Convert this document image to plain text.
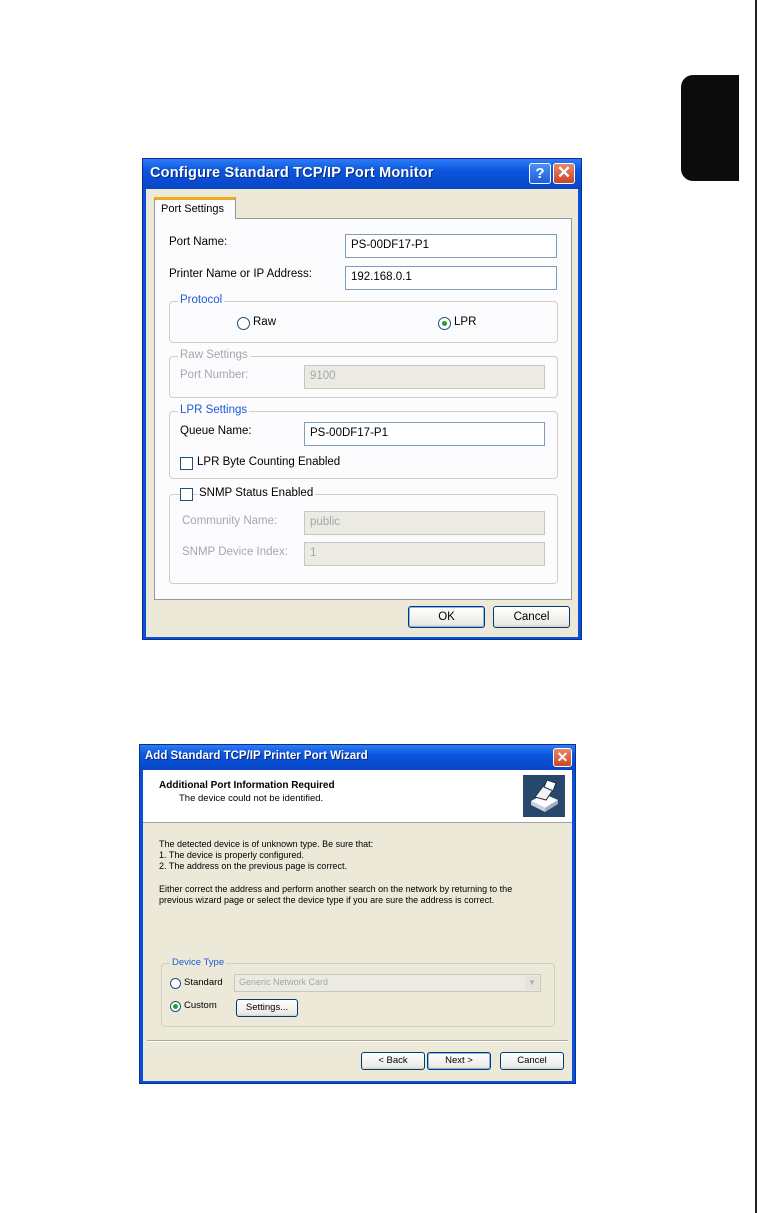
Configure Standard TCP/IP Port Monitor	? ✕
Port Settings
Port Name:	PS-00DF17-P1
Printer Name or IP Address:	192.168.0.1
Protocol
Raw	LPR
Raw Settings
Port Number:	9100
LPR Settings
Queue Name:	PS-00DF17-P1
LPR Byte Counting Enabled
SNMP Status Enabled
Community Name:	public
SNMP Device Index:	1
OK	Cancel
Add Standard TCP/IP Printer Port Wizard	✕
Additional Port Information Required
The device could not be identified.
The detected device is of unknown type. Be sure that:
1. The device is properly configured.
2. The address on the previous page is correct.
Either correct the address and perform another search on the network by returning to the
previous wizard page or select the device type if you are sure the address is correct.
Device Type
Standard	Generic Network Card	▼
Custom	Settings...
< Back	Next >	Cancel
